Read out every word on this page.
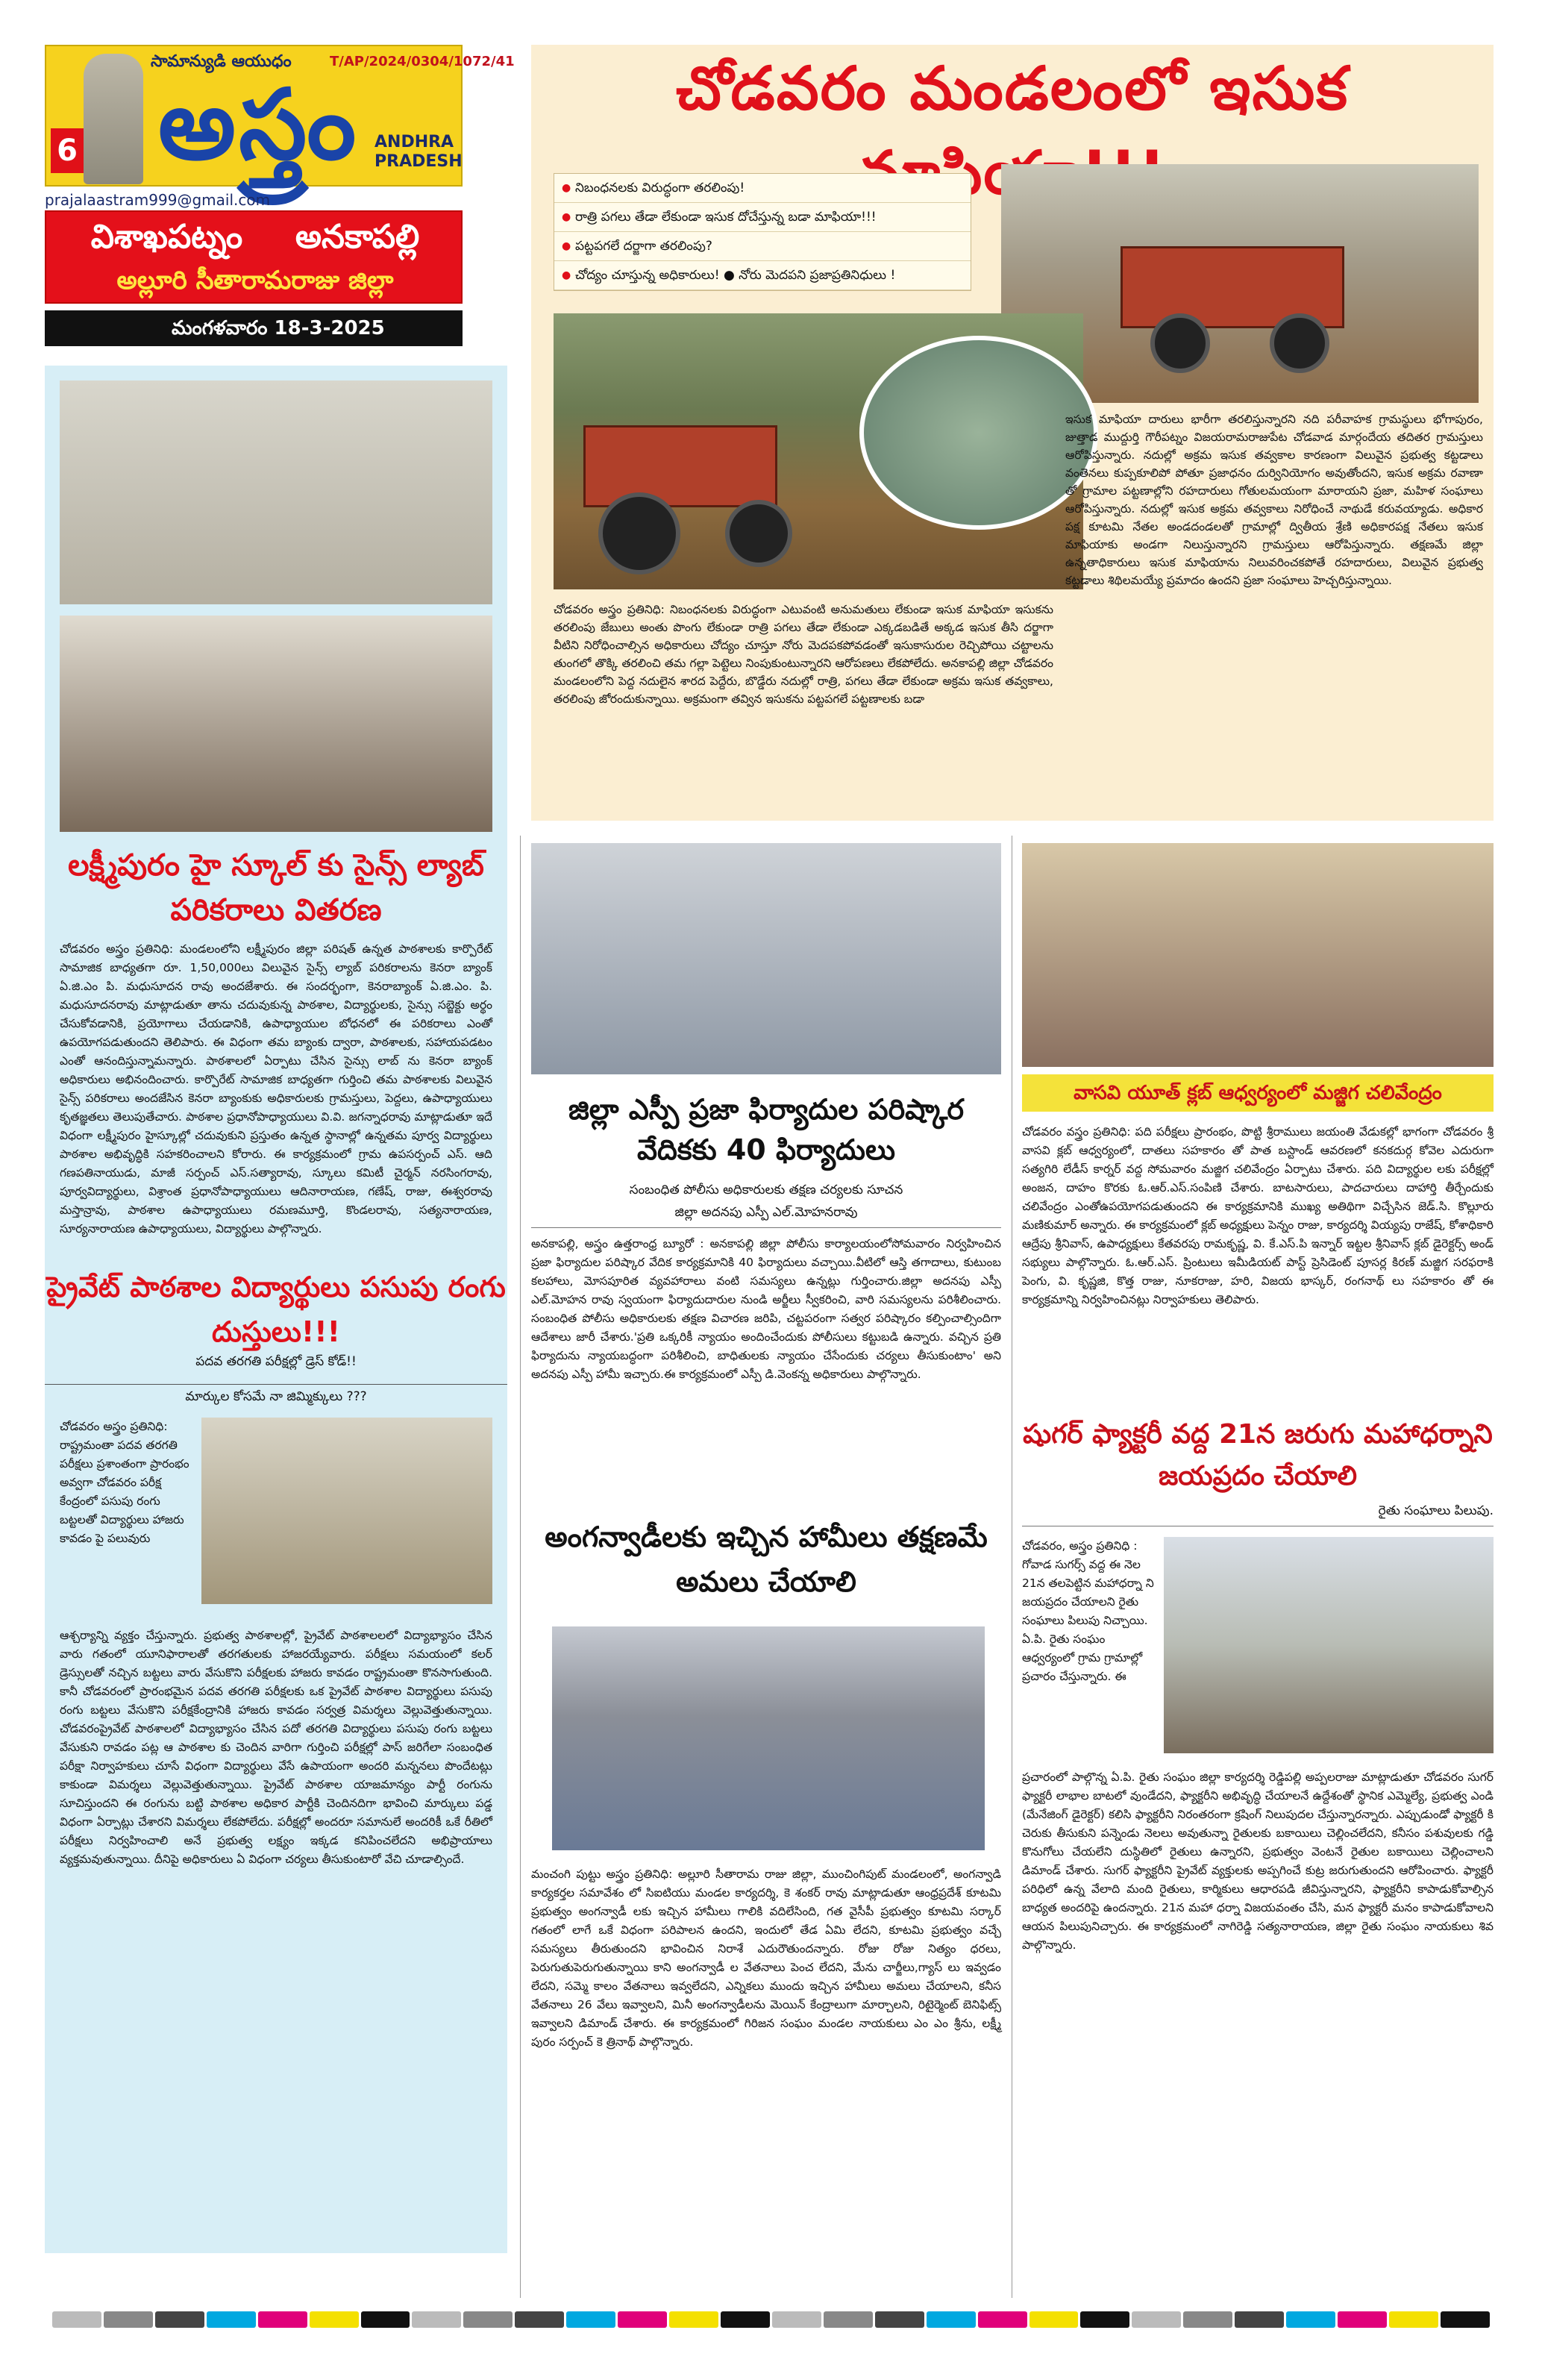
సామాన్యుడి ఆయుధం	T/AP/2024/0304/1072/41
6 అస్త్రం ANDHRA PRADESH
prajalaastram999@gmail.com
విశాఖపట్నం అనకాపల్లి
అల్లూరి సీతారామరాజు జిల్లా
మంగళవారం 18-3-2025
చోడవరం మండలంలో ఇసుక
● నిబంధనలకు విరుద్ధంగా తరలింపు!
● రాత్రి పగలు తేడా లేకుండా ఇసుక దోచేస్తున్న బడా మాఫియా!!!
● పట్టపగలే దర్జాగా తరలింపు?
● చోద్యం చూస్తున్న అధికారులు! ● నోరు మెదపని ప్రజాప్రతినిధులు !
చోడవరం అస్త్రం ప్రతినిధి: నిబంధనలకు విరుద్ధంగా ఎటువంటి అనుమతులు లేకుండా ఇసుక మాఫియా ఇసుకను తరలింపు జేబులు అంతు పొంగు లేకుండా రాత్రి పగలు తేడా లేకుండా ఎక్కడబడితే అక్కడ ఇసుక తీసి దర్జాగా వీటిని నిరోధించాల్సిన అధికారులు చోద్యం చూస్తూ నోరు మెదపకపోవడంతో ఇసుకాసురుల రెచ్చిపోయి చట్టాలను తుంగలో తొక్కి తరలించి తమ గల్లా పెట్టెలు నింపుకుంటున్నారని ఆరోపణలు లేకపోలేదు. అనకాపల్లి జిల్లా చోడవరం మండలంలోని పెద్ద నదులైన శారద పెద్దేరు, బొడ్డేరు నదుల్లో రాత్రి, పగలు తేడా లేకుండా అక్రమ ఇసుక తవ్వకాలు, తరలింపు జోరందుకున్నాయి. అక్రమంగా తవ్విన ఇసుకను పట్టపగలే పట్టణాలకు బడా
ఇసుక మాఫియా దారులు భారీగా తరలిస్తున్నారని నది పరీవాహక గ్రామస్థులు భోగాపురం, జుత్తాడ ముద్దుర్తి గౌరీపట్నం విజయరామరాజుపేట చోడవాడ మార్గందేయ తదితర గ్రామస్తులు ఆరోపిస్తున్నారు. నదుల్లో అక్రమ ఇసుక తవ్వకాల కారణంగా విలువైన ప్రభుత్వ కట్టడాలు వంతెనలు కుప్పకూలిపో పోతూ ప్రజాధనం దుర్వినియోగం అవుతోందని, ఇసుక అక్రమ రవాణా తో గ్రామాల పట్టణాల్లోని రహదారులు గోతులమయంగా మారాయని ప్రజా, మహిళ సంఘాలు ఆరోపిస్తున్నారు. నదుల్లో ఇసుక అక్రమ తవ్వకాలు నిరోధించే నాథుడే కరువయ్యాడు. అధికార పక్ష కూటమి నేతల అండదండలతో గ్రామాల్లో ద్వితీయ శ్రేణి అధికారపక్ష నేతలు ఇసుక మాఫియాకు అండగా నిలుస్తున్నారని గ్రామస్తులు ఆరోపిస్తున్నారు. తక్షణమే జిల్లా ఉన్నతాధికారులు ఇసుక మాఫియాను నిలువరించకపోతే రహదారులు, విలువైన ప్రభుత్వ కట్టడాలు శిథిలమయ్యే ప్రమాదం ఉందని ప్రజా సంఘాలు హెచ్చరిస్తున్నాయి.
లక్ష్మీపురం హై స్కూల్ కు సైన్స్ ల్యాబ్ పరికరాలు వితరణ
చోడవరం అస్త్రం ప్రతినిధి: మండలంలోని లక్ష్మీపురం జిల్లా పరిషత్ ఉన్నత పాఠశాలకు కార్పొరేట్ సామాజిక బాధ్యతగా రూ. 1,50,000లు విలువైన సైన్స్ ల్యాబ్ పరికరాలను కెనరా బ్యాంక్ ఏ.జి.ఎం పి. మధుసూదన రావు అందజేశారు. ఈ సందర్భంగా, కెనరాబ్యాంక్ ఏ.జి.ఎం. పి. మధుసూదనరావు మాట్లాడుతూ తాను చదువుకున్న పాఠశాల, విద్యార్థులకు, సైన్సు సబ్జెక్టు అర్థం చేసుకోవడానికి, ప్రయోగాలు చేయడానికి, ఉపాధ్యాయుల బోధనలో ఈ పరికరాలు ఎంతో ఉపయోగపడుతుందని తెలిపారు. ఈ విధంగా తమ బ్యాంకు ద్వారా, పాఠశాలకు, సహాయపడటం ఎంతో ఆనందిస్తున్నామన్నారు. పాఠశాలలో ఏర్పాటు చేసిన సైన్సు లాబ్ ను కెనరా బ్యాంక్ అధికారులు అభినందించారు. కార్పొరేట్ సామాజిక బాధ్యతగా గుర్తించి తమ పాఠశాలకు విలువైన సైన్స్ పరికరాలు అందజేసిన కెనరా బ్యాంకుకు అధికారులకు గ్రామస్తులు, పెద్దలు, ఉపాధ్యాయులు కృతజ్ఞతలు తెలుపుతేచారు. పాఠశాల ప్రధానోపాధ్యాయులు వి.వి. జగన్నాధరావు మాట్లాడుతూ ఇదే విధంగా లక్ష్మీపురం హైస్కూల్లో చదువుకుని ప్రస్తుతం ఉన్నత స్థానాల్లో ఉన్నతమ పూర్వ విద్యార్థులు పాఠశాల అభివృద్ధికి సహకరించాలని కోరారు. ఈ కార్యక్రమంలో గ్రామ ఉపసర్పంచ్ ఎస్. ఆది గణపతినాయుడు, మాజీ సర్పంచ్ ఎస్.సత్యారావు, స్కూలు కమిటీ చైర్మన్ నరసింగరావు, పూర్వవిద్యార్థులు, విశ్రాంత ప్రధానోపాధ్యాయులు ఆదినారాయణ, గణేష్, రాజు, ఈశ్వరరావు మస్తాన్రావు, పాఠశాల ఉపాధ్యాయులు రమణమూర్తి, కొండలరావు, సత్యనారాయణ, సూర్యనారాయణ ఉపాధ్యాయులు, విద్యార్థులు పాల్గొన్నారు.
ప్రైవేట్ పాఠశాల విద్యార్థులు పసుపు రంగు దుస్తులు!!!
పదవ తరగతి పరీక్షల్లో డ్రెస్ కోడ్!!
మార్కుల కోసమే నా జిమ్మిక్కులు ???
చోడవరం అస్త్రం ప్రతినిధి: రాష్ట్రమంతా పదవ తరగతి పరీక్షలు ప్రశాంతంగా ప్రారంభం అవ్వగా చోడవరం పరీక్ష కేంద్రంలో పసుపు రంగు బట్టలతో విద్యార్థులు హాజరు కావడం పై పలువురు
ఆశ్చర్యాన్ని వ్యక్తం చేస్తున్నారు. ప్రభుత్వ పాఠశాలల్లో, ప్రైవేట్ పాఠశాలలలో విద్యాభ్యాసం చేసిన వారు గతంలో యూనిఫారాలతో తరగతులకు హాజరయ్యేవారు. పరీక్షలు సమయంలో కలర్ డ్రెస్సులతో నచ్చిన బట్టలు వారు వేసుకొని పరీక్షలకు హాజరు కావడం రాష్ట్రమంతా కొనసాగుతుంది. కానీ చోడవరంలో ప్రారంభమైన పదవ తరగతి పరీక్షలకు ఒక ప్రైవేట్ పాఠశాల విద్యార్థులు పసుపు రంగు బట్టలు వేసుకొని పరీక్షకేంద్రానికి హాజరు కావడం సర్వత్ర విమర్శలు వెల్లువెత్తుతున్నాయి. చోడవరంప్రైవేట్ పాఠశాలలో విద్యాభ్యాసం చేసిన పదో తరగతి విద్యార్థులు పసుపు రంగు బట్టలు వేసుకుని రావడం పట్ల ఆ పాఠశాల కు చెందిన వారిగా గుర్తించి పరీక్షల్లో పాస్ జరిగేలా సంబంధిత పరీక్షా నిర్వాహకులు చూసే విధంగా విద్యార్థులు వేసే ఉపాయంగా అందరి మన్ననలు పొందేటట్లు కాకుండా విమర్శలు వెల్లువెత్తుతున్నాయి. ప్రైవేట్ పాఠశాల యాజమాన్యం పార్టీ రంగును సూచిస్తుందని ఈ రంగును బట్టి పాఠశాల అధికార పార్టీకి చెందినదిగా భావించి మార్కులు పడ్డ విధంగా ఏర్పాట్లు చేశారని విమర్శలు లేకపోలేదు. పరీక్షల్లో అందరూ సమానులే అందరికీ ఒకే రీతిలో పరీక్షలు నిర్వహించాలి అనే ప్రభుత్వ లక్ష్యం ఇక్కడ కనిపించలేదని అభిప్రాయాలు వ్యక్తమవుతున్నాయి. దీనిపై అధికారులు ఏ విధంగా చర్యలు తీసుకుంటారో వేచి చూడాల్సిందే.
జిల్లా ఎస్పీ ప్రజా ఫిర్యాదుల పరిష్కార వేదికకు 40 ఫిర్యాదులు
సంబంధిత పోలీసు అధికారులకు తక్షణ చర్యలకు సూచన
జిల్లా అదనపు ఎస్పీ ఎల్.మోహనరావు
అనకాపల్లి, అస్త్రం ఉత్తరాంధ్ర బ్యూరో : అనకాపల్లి జిల్లా పోలీసు కార్యాలయంలోసోమవారం నిర్వహించిన ప్రజా ఫిర్యాదుల పరిష్కార వేదిక కార్యక్రమానికి 40 ఫిర్యాదులు వచ్చాయి.వీటిలో ఆస్తి తగాదాలు, కుటుంబ కలహాలు, మోసపూరిత వ్యవహారాలు వంటి సమస్యలు ఉన్నట్లు గుర్తించారు.జిల్లా అదనపు ఎస్పీ ఎల్.మోహన రావు స్వయంగా ఫిర్యాదుదారుల నుండి అర్జీలు స్వీకరించి, వారి సమస్యలను పరిశీలించారు. సంబంధిత పోలీసు అధికారులకు తక్షణ విచారణ జరిపి, చట్టపరంగా సత్వర పరిష్కారం కల్పించాల్సిందిగా ఆదేశాలు జారీ చేశారు.'ప్రతి ఒక్కరికీ న్యాయం అందించేందుకు పోలీసులు కట్టుబడి ఉన్నారు. వచ్చిన ప్రతి ఫిర్యాదును న్యాయబద్ధంగా పరిశీలించి, బాధితులకు న్యాయం చేసేందుకు చర్యలు తీసుకుంటాం' అని అదనపు ఎస్పీ హామీ ఇచ్చారు.ఈ కార్యక్రమంలో ఎస్పీ డి.వెంకన్న అధికారులు పాల్గొన్నారు.
అంగన్వాడీలకు ఇచ్చిన హామీలు తక్షణమే అమలు చేయాలి
మంచంగి పుట్టు అస్త్రం ప్రతినిధి: అల్లూరి సీతారామ రాజు జిల్లా, ముంచింగిపుట్ మండలంలో, అంగన్వాడి కార్యకర్తల సమావేశం లో సిఐటియు మండల కార్యదర్శి, కె శంకర్ రావు మాట్లాడుతూ ఆంధ్రప్రదేశ్ కూటమి ప్రభుత్వం అంగన్వాడీ లకు ఇచ్చిన హామీలు గాలికి వదిలేసింది, గత వైసీపీ ప్రభుత్వం కూటమి సర్కార్ గతంలో లాగే ఒకే విధంగా పరిపాలన ఉందని, ఇందులో తేడ ఏమి లేదని, కూటమి ప్రభుత్వం వచ్చే సమస్యలు తీరుతుందని భావించిన నిరాశే ఎదురౌతుందన్నారు. రోజు రోజు నిత్యం ధరలు, పెరుగుతుపెరుగుతున్నాయి కాని అంగన్వాడీ ల వేతనాలు పెంచ లేదని, మేను చార్జీలు,గ్యాస్ లు ఇవ్వడం లేదని, సమ్మె కాలం వేతనాలు ఇవ్వలేదని, ఎన్నికలు ముందు ఇచ్చిన హామీలు అమలు చేయాలని, కనీస వేతనాలు 26 వేలు ఇవ్వాలని, మినీ అంగన్వాడీలను మెయిన్ కేంద్రాలుగా మార్చాలని, రిటైర్మెంట్ బెనిఫిట్స్ ఇవ్వాలని డిమాండ్ చేశారు. ఈ కార్యక్రమంలో గిరిజన సంఘం మండల నాయకులు ఎం ఎం శ్రీను, లక్ష్మీ పురం సర్పంచ్ కె త్రినాథ్ పాల్గొన్నారు.
వాసవి యూత్ క్లబ్ ఆధ్వర్యంలో మజ్జిగ చలివేంద్రం
చోడవరం వస్త్రం ప్రతినిధి: పది పరీక్షలు ప్రారంభం, పొట్టి శ్రీరాములు జయంతి వేడుకల్లో భాగంగా చోడవరం శ్రీ వాసవి క్లబ్ ఆధ్వర్యంలో, దాతలు సహకారం తో పాత బస్టాండ్ ఆవరణలో కనకదుర్గ కోవెల ఎదురుగా సత్యగిరి లేడీస్ కార్నర్ వద్ద సోమవారం మజ్జిగ చలివేంద్రం ఏర్పాటు చేశారు. పది విద్యార్థుల లకు పరీక్షల్లో అంజన, దాహం కొరకు ఓ.ఆర్.ఎస్.సంపిణి చేశారు. బాటసారులు, పాదచారులు దాహార్తి తీర్చేందుకు చలివేంద్రం ఎంతోఉపయోగపడుతుందని ఈ కార్యక్రమానికి ముఖ్య అతిథిగా విచ్చేసిన జెడ్.సి. కొల్లూరు మణికుమార్ అన్నారు. ఈ కార్యక్రమంలో క్లబ్ అధ్యక్షులు పెన్నం రాజు, కార్యదర్శి వియ్యపు రాజేష్, కోశాధికారి ఆద్రేపు శ్రీనివాస్, ఉపాధ్యక్షులు కేతవరపు రామకృష్ణ, వి. కే.ఎస్.పి ఇన్నార్ ఇట్టల శ్రీనివాస్ క్లబ్ డైరెక్టర్స్ అండ్ సభ్యులు పాల్గొన్నారు. ఓ.ఆర్.ఎస్. ప్రింటులు ఇమీడియట్ పాస్ట్ ప్రెసిడెంట్ పూసర్ల కిరణ్ మజ్జిగ సరఫరాకి పెంగు, వి. కృష్ణజి, కొత్త రాజు, నూకరాజు, హరి, విజయ భాస్కర్, రంగనాథ్ లు సహకారం తో ఈ కార్యక్రమాన్ని నిర్వహించినట్లు నిర్వాహకులు తెలిపారు.
షుగర్ ఫ్యాక్టరీ వద్ద 21న జరుగు మహాధర్నాని జయప్రదం చేయాలి
రైతు సంఘాలు పిలుపు.
చోడవరం, అస్త్రం ప్రతినిధి : గోవాడ సుగర్స్ వద్ద ఈ నెల 21న తలపెట్టిన మహాధర్నా ని జయప్రదం చేయాలని రైతు సంఘాలు పిలుపు నిచ్చాయి. ఏ.పి. రైతు సంఘం ఆధ్వర్యంలో గ్రామ గ్రామాల్లో ప్రచారం చేస్తున్నారు. ఈ
ప్రచారంలో పాల్గొన్న ఏ.పి. రైతు సంఘం జిల్లా కార్యదర్శి రెడ్డిపల్లి అప్పలరాజు మాట్లాడుతూ చోడవరం సుగర్ ఫ్యాక్టరీ లాభాల బాటలో వుండేదని, ఫ్యాక్టరీని అభివృద్ధి చేయాలనే ఉద్దేశంతో స్థానిక ఎమ్మెల్యే, ప్రభుత్వ ఎండి (మేనేజింగ్ డైరెక్టర్) కలిసి ఫ్యాక్టరీని నిరంతరంగా క్రషింగ్ నిలుపుదల చేస్తున్నారన్నారు. ఎప్పుడుండో ఫ్యాక్టరీ కి చెరుకు తీసుకుని పన్నెండు నెలలు అవుతున్నా రైతులకు బకాయిలు చెల్లించలేదని, కనీసం పశువులకు గడ్డి కొనుగోలు చేయలేని దుస్థితిలో రైతులు ఉన్నారని, ప్రభుత్వం వెంటనే రైతుల బకాయిలు చెల్లించాలని డిమాండ్ చేశారు. సుగర్ ఫ్యాక్టరీని ప్రైవేట్ వ్యక్తులకు అప్పగించే కుట్ర జరుగుతుందని ఆరోపించారు. ఫ్యాక్టరీ పరిధిలో ఉన్న వేలాది మంది రైతులు, కార్మికులు ఆధారపడి జీవిస్తున్నారని, ఫ్యాక్టరీని కాపాడుకోవాల్సిన బాధ్యత అందరిపై ఉందన్నారు. 21న మహా ధర్నా విజయవంతం చేసి, మన ఫ్యాక్టరీ మనం కాపాడుకోవాలని ఆయన పిలుపునిచ్చారు. ఈ కార్యక్రమంలో నాగిరెడ్డి సత్యనారాయణ, జిల్లా రైతు సంఘం నాయకులు శివ పాల్గొన్నారు.
